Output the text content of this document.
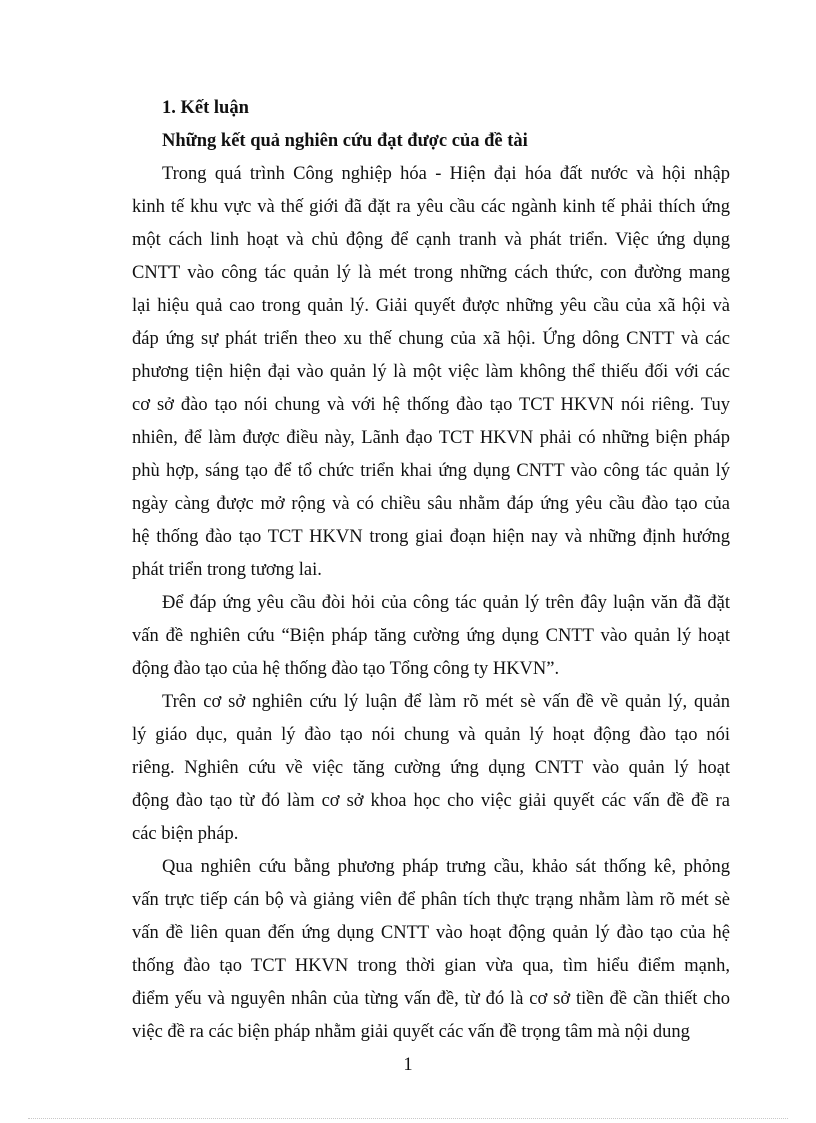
1. Kết luận
Những kết quả nghiên cứu đạt được của đề tài
Trong quá trình Công nghiệp hóa - Hiện đại hóa đất nước và hội nhập
kinh tế khu vực và thế giới đã đặt ra yêu cầu các ngành kinh tế phải thích ứng
một cách linh hoạt và chủ động để cạnh tranh và phát triển. Việc ứng dụng
CNTT vào công tác quản lý là mét trong những cách thức, con đường mang
lại hiệu quả cao trong quản lý. Giải quyết được những yêu cầu của xã hội và
đáp ứng sự phát triển theo xu thế chung của xã hội. Ứng dông CNTT và các
phương tiện hiện đại vào quản lý là một việc làm không thể thiếu đối với các
cơ sở đào tạo nói chung và với hệ thống đào tạo TCT HKVN nói riêng. Tuy
nhiên, để làm được điều này, Lãnh đạo TCT HKVN phải có những biện pháp
phù hợp, sáng tạo để tổ chức triển khai ứng dụng CNTT vào công tác quản lý
ngày càng được mở rộng và có chiều sâu nhằm đáp ứng yêu cầu đào tạo của
hệ thống đào tạo TCT HKVN trong giai đoạn hiện nay và những định hướng
phát triển trong tương lai.
Để đáp ứng yêu cầu đòi hỏi của công tác quản lý trên đây luận văn đã đặt
vấn đề nghiên cứu “Biện pháp tăng cường ứng dụng CNTT vào quản lý hoạt
động đào tạo của hệ thống đào tạo Tổng công ty HKVN”.
Trên cơ sở nghiên cứu lý luận để làm rõ mét sè vấn đề về quản lý, quản
lý giáo dục, quản lý đào tạo nói chung và quản lý hoạt động đào tạo nói
riêng. Nghiên cứu về việc tăng cường ứng dụng CNTT vào quản lý hoạt
động đào tạo từ đó làm cơ sở khoa học cho việc giải quyết các vấn đề đề ra
các biện pháp.
Qua nghiên cứu bằng phương pháp trưng cầu, khảo sát thống kê, phỏng
vấn trực tiếp cán bộ và giảng viên để phân tích thực trạng nhằm làm rõ mét sè
vấn đề liên quan đến ứng dụng CNTT vào hoạt động quản lý đào tạo của hệ
thống đào tạo TCT HKVN trong thời gian vừa qua, tìm hiểu điểm mạnh,
điểm yếu và nguyên nhân của từng vấn đề, từ đó là cơ sở tiền đề cần thiết cho
việc đề ra các biện pháp nhằm giải quyết các vấn đề trọng tâm mà nội dung
1
